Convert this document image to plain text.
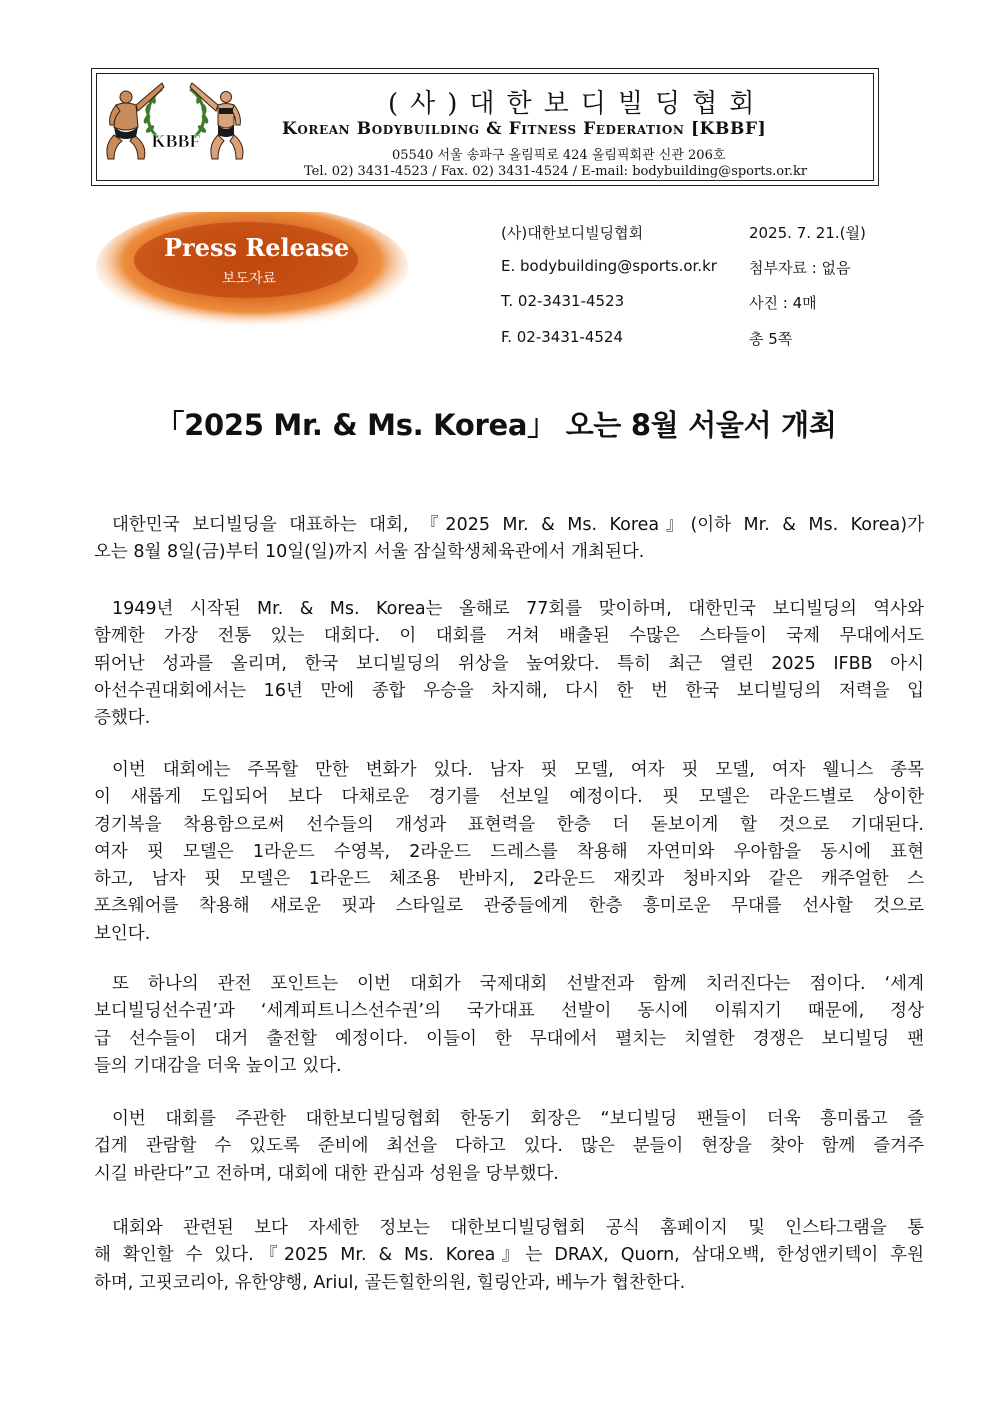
KBBF
(사)대한보디빌딩협회
Korean Bodybuilding & Fitness Federation [KBBF]
05540 서울 송파구 올림픽로 424 올림픽회관 신관 206호
Tel. 02) 3431-4523 / Fax. 02) 3431-4524 / E-mail: bodybuilding@sports.or.kr
Press Release
보도자료
(사)대한보디빌딩협회
E. bodybuilding@sports.or.kr
T. 02-3431-4523
F. 02-3431-4524
2025. 7. 21.(월)
첨부자료 : 없음
사진 : 4매
총 5쪽
「2025 Mr. & Ms. Korea」 오는 8월 서울서 개최
대한민국 보디빌딩을 대표하는 대회, 『2025 Mr. & Ms. Korea』(이하 Mr. & Ms. Korea)가
오는 8월 8일(금)부터 10일(일)까지 서울 잠실학생체육관에서 개최된다.
1949년 시작된 Mr. & Ms. Korea는 올해로 77회를 맞이하며, 대한민국 보디빌딩의 역사와
함께한 가장 전통 있는 대회다. 이 대회를 거쳐 배출된 수많은 스타들이 국제 무대에서도
뛰어난 성과를 올리며, 한국 보디빌딩의 위상을 높여왔다. 특히 최근 열린 2025 IFBB 아시
아선수권대회에서는 16년 만에 종합 우승을 차지해, 다시 한 번 한국 보디빌딩의 저력을 입
증했다.
이번 대회에는 주목할 만한 변화가 있다. 남자 핏 모델, 여자 핏 모델, 여자 웰니스 종목
이 새롭게 도입되어 보다 다채로운 경기를 선보일 예정이다. 핏 모델은 라운드별로 상이한
경기복을 착용함으로써 선수들의 개성과 표현력을 한층 더 돋보이게 할 것으로 기대된다.
여자 핏 모델은 1라운드 수영복, 2라운드 드레스를 착용해 자연미와 우아함을 동시에 표현
하고, 남자 핏 모델은 1라운드 체조용 반바지, 2라운드 재킷과 청바지와 같은 캐주얼한 스
포츠웨어를 착용해 새로운 핏과 스타일로 관중들에게 한층 흥미로운 무대를 선사할 것으로
보인다.
또 하나의 관전 포인트는 이번 대회가 국제대회 선발전과 함께 치러진다는 점이다. ‘세계
보디빌딩선수권’과 ‘세계피트니스선수권’의 국가대표 선발이 동시에 이뤄지기 때문에, 정상
급 선수들이 대거 출전할 예정이다. 이들이 한 무대에서 펼치는 치열한 경쟁은 보디빌딩 팬
들의 기대감을 더욱 높이고 있다.
이번 대회를 주관한 대한보디빌딩협회 한동기 회장은 “보디빌딩 팬들이 더욱 흥미롭고 즐
겁게 관람할 수 있도록 준비에 최선을 다하고 있다. 많은 분들이 현장을 찾아 함께 즐겨주
시길 바란다”고 전하며, 대회에 대한 관심과 성원을 당부했다.
대회와 관련된 보다 자세한 정보는 대한보디빌딩협회 공식 홈페이지 및 인스타그램을 통
해 확인할 수 있다.『2025 Mr. & Ms. Korea』는 DRAX, Quorn, 삼대오백, 한성앤키텍이 후원
하며, 고핏코리아, 유한양행, Ariul, 골든힐한의원, 힐링안과, 베누가 협찬한다.
